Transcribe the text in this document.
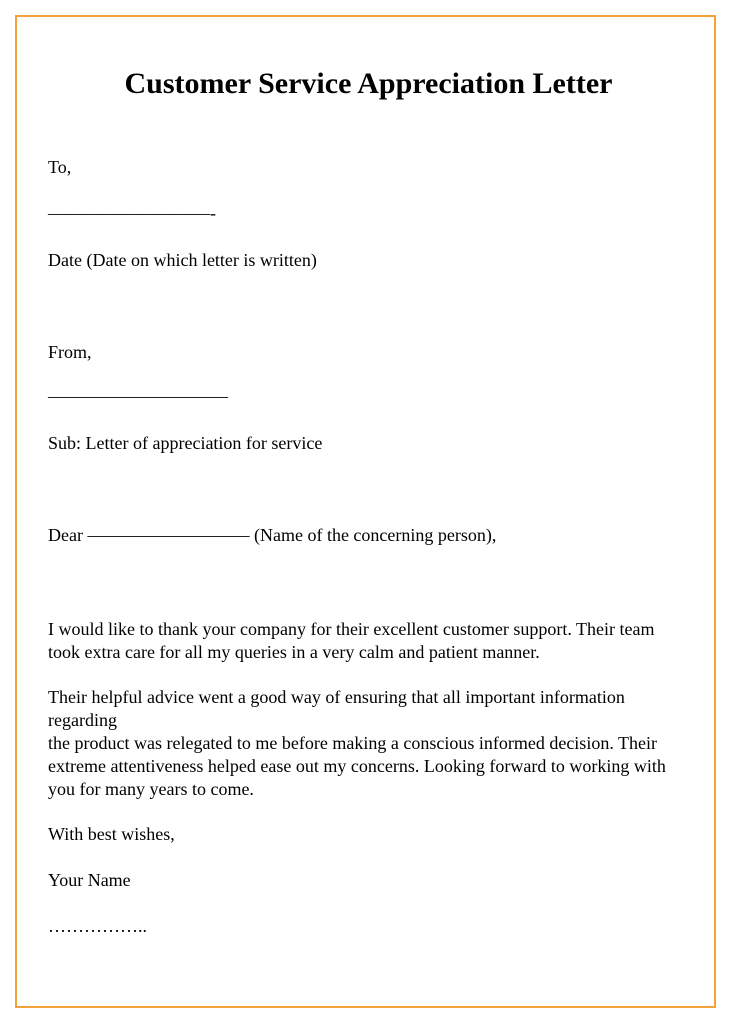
Customer Service Appreciation Letter
To,
—————————-
Date (Date on which letter is written)
From,
——————————
Sub: Letter of appreciation for service
Dear ————————— (Name of the concerning person),
I would like to thank your company for their excellent customer support. Their team
took extra care for all my queries in a very calm and patient manner.
Their helpful advice went a good way of ensuring that all important information
regarding
the product was relegated to me before making a conscious informed decision. Their
extreme attentiveness helped ease out my concerns. Looking forward to working with
you for many years to come.
With best wishes,
Your Name
……………..
